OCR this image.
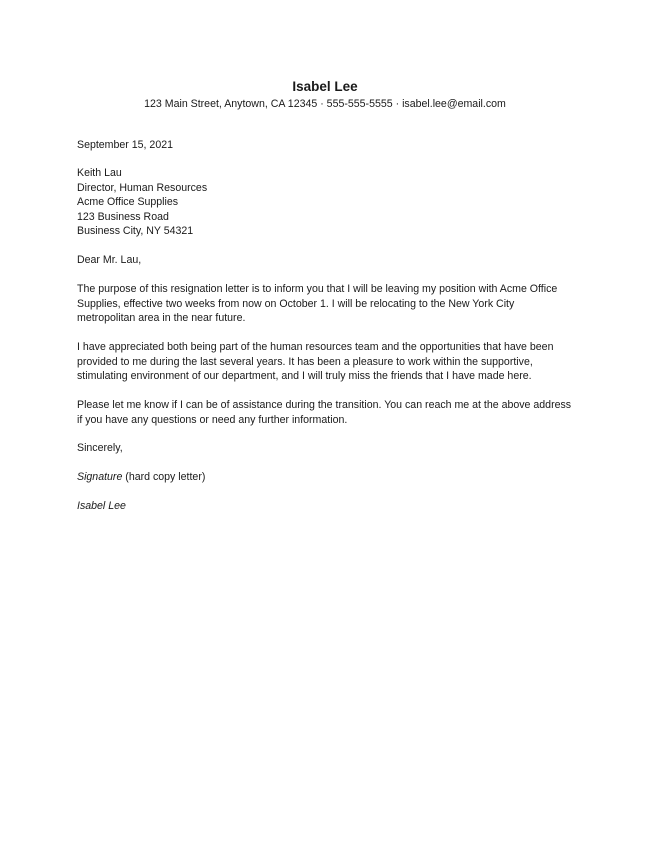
Isabel Lee

123 Main Street, Anytown, CA 12345 · 555-555-5555 · isabel.lee@email.com

September 15, 2021
Keith Lau
Director, Human Resources
Acme Office Supplies
123 Business Road
Business City, NY 54321
Dear Mr. Lau,

The purpose of this resignation letter is to inform you that I will be leaving my position with Acme Office
Supplies, effective two weeks from now on October 1. I will be relocating to the New York City
metropolitan area in the near future.

I have appreciated both being part of the human resources team and the opportunities that have been
provided to me during the last several years. It has been a pleasure to work within the supportive,
stimulating environment of our department, and I will truly miss the friends that I have made here.

Please let me know if I can be of assistance during the transition. You can reach me at the above address
if you have any questions or need any further information.

Sincerely,
Signature (hard copy letter)
Isabel Lee
